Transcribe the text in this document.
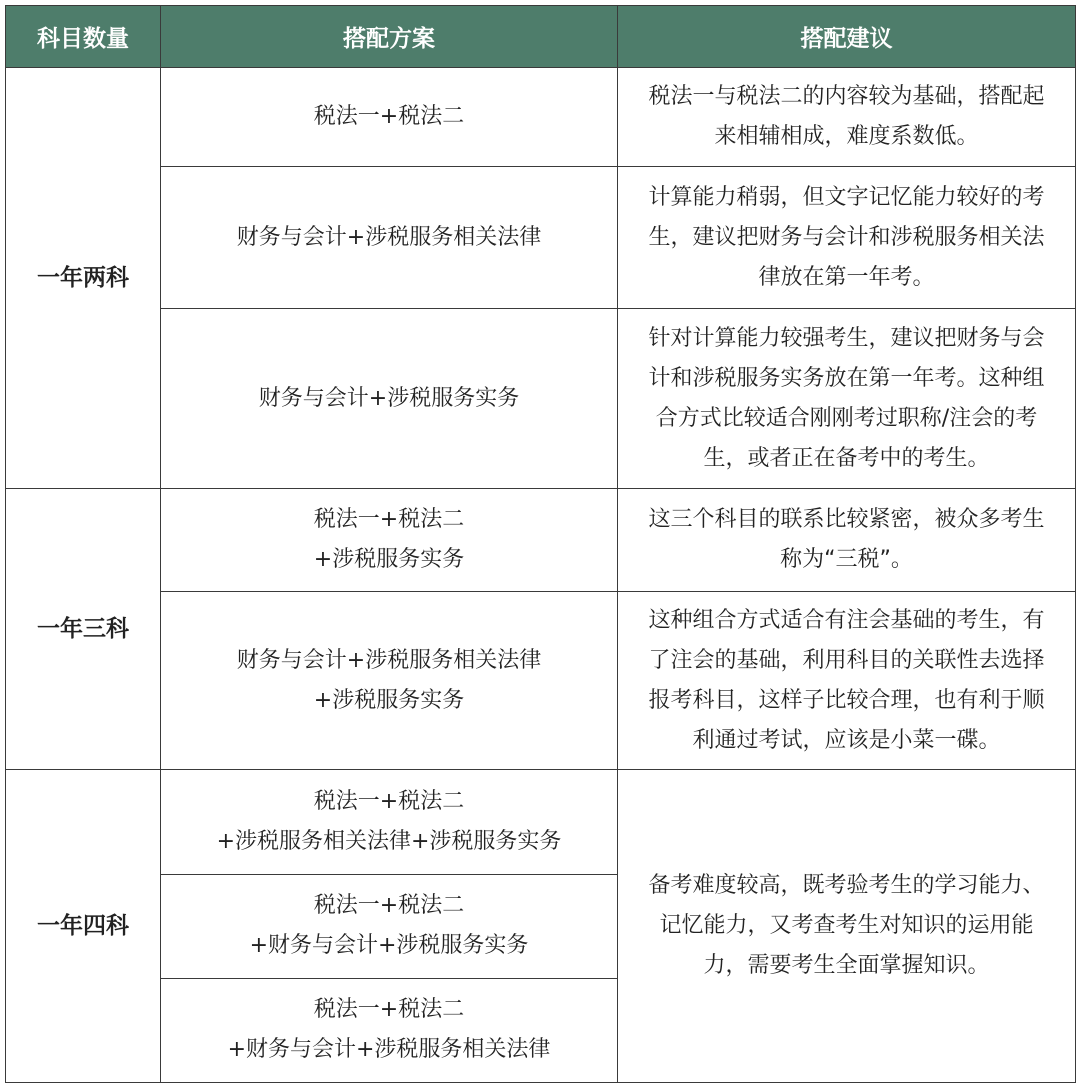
科目数量	搭配方案	搭配建议
一年两科	税法一+税法二	税法一与税法二的内容较为基础，搭配起
来相辅相成，难度系数低。

	财务与会计+涉税服务相关法律	计算能力稍弱，但文字记忆能力较好的考
生，建议把财务与会计和涉税服务相关法
律放在第一年考。

	财务与会计+涉税服务实务	针对计算能力较强考生，建议把财务与会
计和涉税服务实务放在第一年考。这种组
合方式比较适合刚刚考过职称/注会的考
生，或者正在备考中的考生。

一年三科	税法一+税法二
+涉税服务实务	这三个科目的联系比较紧密，被众多考生
称为“三税”。

	财务与会计+涉税服务相关法律
+涉税服务实务	这种组合方式适合有注会基础的考生，有
了注会的基础，利用科目的关联性去选择
报考科目，这样子比较合理，也有利于顺
利通过考试，应该是小菜一碟。

一年四科	税法一+税法二
+涉税服务相关法律+涉税服务实务	备考难度较高，既考验考生的学习能力、
记忆能力，又考查考生对知识的运用能
力，需要考生全面掌握知识。

	税法一+税法二
+财务与会计+涉税服务实务	

	税法一+税法二
+财务与会计+涉税服务相关法律	
